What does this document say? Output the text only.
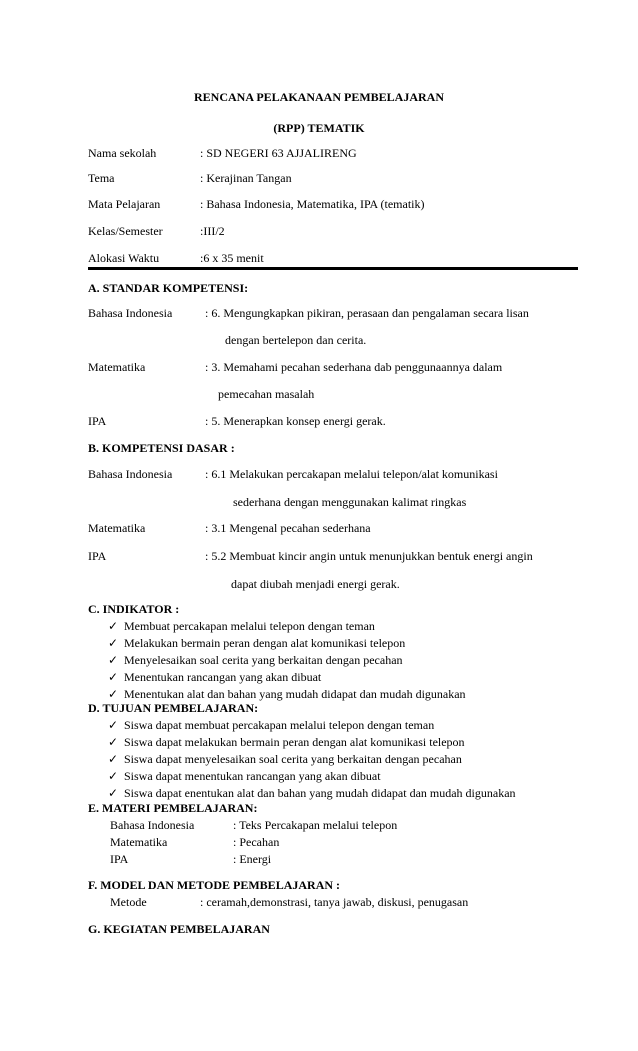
RENCANA PELAKANAAN PEMBELAJARAN
(RPP) TEMATIK
Nama sekolah	: SD NEGERI 63 AJJALIRENG
Tema	: Kerajinan Tangan
Mata Pelajaran	: Bahasa Indonesia, Matematika, IPA (tematik)
Kelas/Semester	:III/2
Alokasi Waktu	:6 x 35 menit
A. STANDAR KOMPETENSI:
Bahasa Indonesia	: 6. Mengungkapkan pikiran, perasaan dan pengalaman secara lisan
dengan bertelepon dan cerita.
Matematika	: 3. Memahami pecahan sederhana dab penggunaannya dalam
pemecahan masalah
IPA	: 5. Menerapkan konsep energi gerak.
B. KOMPETENSI DASAR :
Bahasa Indonesia	: 6.1 Melakukan percakapan melalui telepon/alat komunikasi
sederhana dengan menggunakan kalimat ringkas
Matematika	: 3.1 Mengenal pecahan sederhana
IPA	: 5.2 Membuat kincir angin untuk menunjukkan bentuk energi angin
dapat diubah menjadi energi gerak.
C. INDIKATOR :
✓ Membuat percakapan melalui telepon dengan teman
✓ Melakukan bermain peran dengan alat komunikasi telepon
✓ Menyelesaikan soal cerita yang berkaitan dengan pecahan
✓ Menentukan rancangan yang akan dibuat
✓ Menentukan alat dan bahan yang mudah didapat dan mudah digunakan
D. TUJUAN PEMBELAJARAN:
✓ Siswa dapat membuat percakapan melalui telepon dengan teman
✓ Siswa dapat melakukan bermain peran dengan alat komunikasi telepon
✓ Siswa dapat menyelesaikan soal cerita yang berkaitan dengan pecahan
✓ Siswa dapat menentukan rancangan yang akan dibuat
✓ Siswa dapat enentukan alat dan bahan yang mudah didapat dan mudah digunakan
E. MATERI PEMBELAJARAN:
Bahasa Indonesia	: Teks Percakapan melalui telepon
Matematika	: Pecahan
IPA	: Energi
F. MODEL DAN METODE PEMBELAJARAN :
Metode	: ceramah,demonstrasi, tanya jawab, diskusi, penugasan
G. KEGIATAN PEMBELAJARAN
